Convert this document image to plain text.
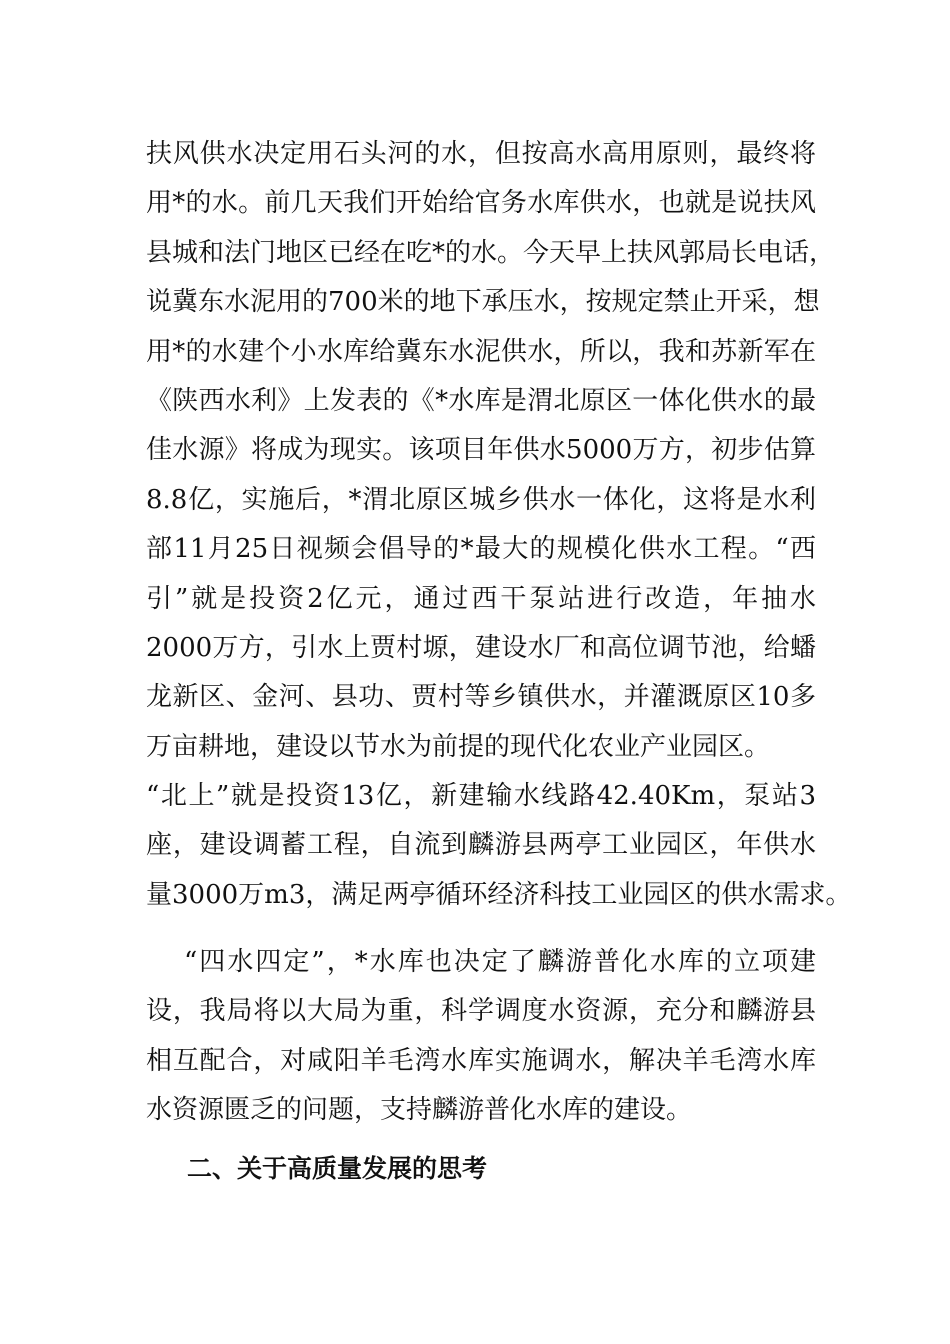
扶风供水决定用石头河的水，但按高水高用原则，最终将
用*的水。前几天我们开始给官务水库供水，也就是说扶风
县城和法门地区已经在吃*的水。今天早上扶风郭局长电话，
说冀东水泥用的700米的地下承压水，按规定禁止开采，想
用*的水建个小水库给冀东水泥供水，所以，我和苏新军在
《陕西水利》上发表的《*水库是渭北原区一体化供水的最
佳水源》将成为现实。该项目年供水5000万方，初步估算
8.8亿，实施后，*渭北原区城乡供水一体化，这将是水利
部11月25日视频会倡导的*最大的规模化供水工程。“西
引”就是投资2亿元，通过西干泵站进行改造，年抽水
2000万方，引水上贾村塬，建设水厂和高位调节池，给蟠
龙新区、金河、县功、贾村等乡镇供水，并灌溉原区10多
万亩耕地，建设以节水为前提的现代化农业产业园区。
“北上”就是投资13亿，新建输水线路42.40Km，泵站3
座，建设调蓄工程，自流到麟游县两亭工业园区，年供水
量3000万m3，满足两亭循环经济科技工业园区的供水需求。
“四水四定”，*水库也决定了麟游普化水库的立项建
设，我局将以大局为重，科学调度水资源，充分和麟游县
相互配合，对咸阳羊毛湾水库实施调水，解决羊毛湾水库
水资源匮乏的问题，支持麟游普化水库的建设。
二、关于高质量发展的思考
